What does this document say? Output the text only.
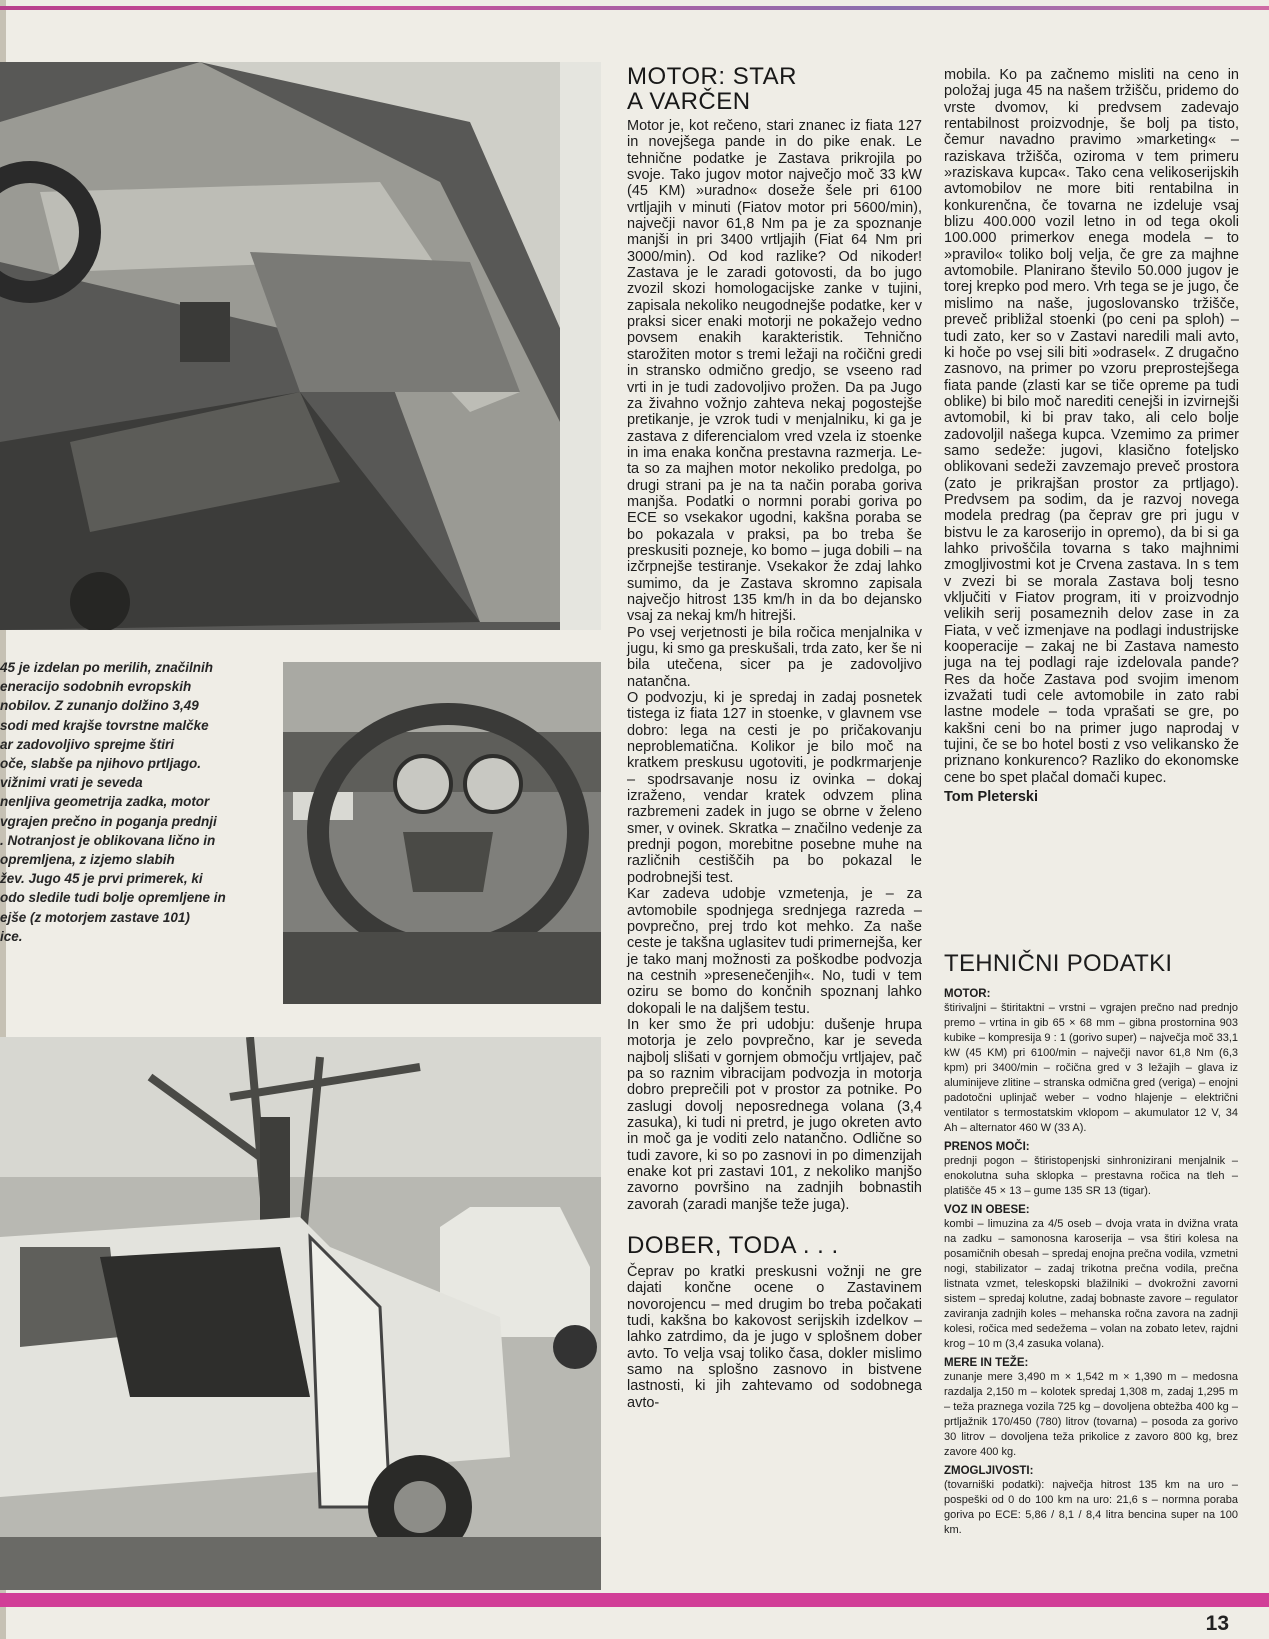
45 je izdelan po merilih, značilnih
eneracijo sodobnih evropskih
nobilov. Z zunanjo dolžino 3,49
sodi med krajše tovrstne malčke
ar zadovoljivo sprejme štiri
oče, slabše pa njihovo prtljago.
vižnimi vrati je seveda
nenljiva geometrija zadka, motor
vgrajen prečno in poganja prednji
. Notranjost je oblikovana lično in
opremljena, z izjemo slabih
žev. Jugo 45 je prvi primerek, ki
odo sledile tudi bolje opremljene in
ejše (z motorjem zastave 101)
ice.
MOTOR: STAR
A VARČEN

Motor je, kot rečeno, stari znanec iz fiata 127 in novejšega pande in do pike enak. Le tehnične podatke je Zastava prikrojila po svoje. Tako jugov motor največjo moč 33 kW (45 KM) »uradno« doseže šele pri 6100 vrtljajih v minuti (Fiatov motor pri 5600/min), največji navor 61,8 Nm pa je za spoznanje manjši in pri 3400 vrtljajih (Fiat 64 Nm pri 3000/min). Od kod razlike? Od nikoder! Zastava je le zaradi gotovosti, da bo jugo zvozil skozi homologacijske zanke v tujini, zapisala nekoliko neugodnejše podatke, ker v praksi sicer enaki motorji ne pokažejo vedno povsem enakih karakteristik. Tehnično starožiten motor s tremi ležaji na ročični gredi in stransko odmično gredjo, se vseeno rad vrti in je tudi zadovoljivo prožen. Da pa Jugo za živahno vožnjo zahteva nekaj pogostejše pretikanje, je vzrok tudi v menjalniku, ki ga je zastava z diferencialom vred vzela iz stoenke in ima enaka končna prestavna razmerja. Le-ta so za majhen motor nekoliko predolga, po drugi strani pa je na ta način poraba goriva manjša. Podatki o normni porabi goriva po ECE so vsekakor ugodni, kakšna poraba se bo pokazala v praksi, pa bo treba še preskusiti pozneje, ko bomo – juga dobili – na izčrpnejše testiranje. Vsekakor že zdaj lahko sumimo, da je Zastava skromno zapisala največjo hitrost 135 km/h in da bo dejansko vsaj za nekaj km/h hitrejši.

Po vsej verjetnosti je bila ročica menjalnika v jugu, ki smo ga preskušali, trda zato, ker še ni bila utečena, sicer pa je zadovoljivo natančna.

O podvozju, ki je spredaj in zadaj posnetek tistega iz fiata 127 in stoenke, v glavnem vse dobro: lega na cesti je po pričakovanju neproblematična. Kolikor je bilo moč na kratkem preskusu ugotoviti, je podkrmarjenje – spodrsavanje nosu iz ovinka – dokaj izraženo, vendar kratek odvzem plina razbremeni zadek in jugo se obrne v želeno smer, v ovinek. Skratka – značilno vedenje za prednji pogon, morebitne posebne muhe na različnih cestiščih pa bo pokazal le podrobnejši test.

Kar zadeva udobje vzmetenja, je – za avtomobile spodnjega srednjega razreda – povprečno, prej trdo kot mehko. Za naše ceste je takšna uglasitev tudi primernejša, ker je tako manj možnosti za poškodbe podvozja na cestnih »presenečenjih«. No, tudi v tem oziru se bomo do končnih spoznanj lahko dokopali le na daljšem testu.

In ker smo že pri udobju: dušenje hrupa motorja je zelo povprečno, kar je seveda najbolj slišati v gornjem območju vrtljajev, pač pa so raznim vibracijam podvozja in motorja dobro preprečili pot v prostor za potnike. Po zaslugi dovolj neposrednega volana (3,4 zasuka), ki tudi ni pretrd, je jugo okreten avto in moč ga je voditi zelo natančno. Odlične so tudi zavore, ki so po zasnovi in po dimenzijah enake kot pri zastavi 101, z nekoliko manjšo zavorno površino na zadnjih bobnastih zavorah (zaradi manjše teže juga).

DOBER, TODA . . .

Čeprav po kratki preskusni vožnji ne gre dajati končne ocene o Zastavinem novorojencu – med drugim bo treba počakati tudi, kakšna bo kakovost serijskih izdelkov – lahko zatrdimo, da je jugo v splošnem dober avto. To velja vsaj toliko časa, dokler mislimo samo na splošno zasnovo in bistvene lastnosti, ki jih zahtevamo od sodobnega avto-

mobila. Ko pa začnemo misliti na ceno in položaj juga 45 na našem tržišču, pridemo do vrste dvomov, ki predvsem zadevajo rentabilnost proizvodnje, še bolj pa tisto, čemur navadno pravimo »marketing« – raziskava tržišča, oziroma v tem primeru »raziskava kupca«. Tako cena velikoserijskih avtomobilov ne more biti rentabilna in konkurenčna, če tovarna ne izdeluje vsaj blizu 400.000 vozil letno in od tega okoli 100.000 primerkov enega modela – to »pravilo« toliko bolj velja, če gre za majhne avtomobile. Planirano število 50.000 jugov je torej krepko pod mero. Vrh tega se je jugo, če mislimo na naše, jugoslovansko tržišče, preveč približal stoenki (po ceni pa sploh) – tudi zato, ker so v Zastavi naredili mali avto, ki hoče po vsej sili biti »odrasel«. Z drugačno zasnovo, na primer po vzoru preprostejšega fiata pande (zlasti kar se tiče opreme pa tudi oblike) bi bilo moč narediti cenejši in izvirnejši avtomobil, ki bi prav tako, ali celo bolje zadovoljil našega kupca. Vzemimo za primer samo sedeže: jugovi, klasično foteljsko oblikovani sedeži zavzemajo preveč prostora (zato je prikrajšan prostor za prtljago). Predvsem pa sodim, da je razvoj novega modela predrag (pa čeprav gre pri jugu v bistvu le za karoserijo in opremo), da bi si ga lahko privoščila tovarna s tako majhnimi zmogljivostmi kot je Crvena zastava. In s tem v zvezi bi se morala Zastava bolj tesno vključiti v Fiatov program, iti v proizvodnjo velikih serij posameznih delov zase in za Fiata, v več izmenjave na podlagi industrijske kooperacije – zakaj ne bi Zastava namesto juga na tej podlagi raje izdelovala pande? Res da hoče Zastava pod svojim imenom izvažati tudi cele avtomobile in zato rabi lastne modele – toda vprašati se gre, po kakšni ceni bo na primer jugo naprodaj v tujini, če se bo hotel bosti z vso velikansko že priznano konkurenco? Razliko do ekonomske cene bo spet plačal domači kupec.

Tom Pleterski

TEHNIČNI PODATKI
MOTOR:

štirivaljni – štiritaktni – vrstni – vgrajen prečno nad prednjo premo – vrtina in gib 65 × 68 mm – gibna prostornina 903 kubike – kompresija 9 : 1 (gorivo super) – največja moč 33,1 kW (45 KM) pri 6100/min – največji navor 61,8 Nm (6,3 kpm) pri 3400/min – ročična gred v 3 ležajih – glava iz aluminijeve zlitine – stranska odmična gred (veriga) – enojni padotočni uplinjač weber – vodno hlajenje – električni ventilator s termostatskim vklopom – akumulator 12 V, 34 Ah – alternator 460 W (33 A).

PRENOS MOČI:

prednji pogon – štiristopenjski sinhronizirani menjalnik – enokolutna suha sklopka – prestavna ročica na tleh – platišče 45 × 13 – gume 135 SR 13 (tigar).

VOZ IN OBESE:

kombi – limuzina za 4/5 oseb – dvoja vrata in dvižna vrata na zadku – samonosna karoserija – vsa štiri kolesa na posamičnih obesah – spredaj enojna prečna vodila, vzmetni nogi, stabilizator – zadaj trikotna prečna vodila, prečna listnata vzmet, teleskopski blažilniki – dvokrožni zavorni sistem – spredaj kolutne, zadaj bobnaste zavore – regulator zaviranja zadnjih koles – mehanska ročna zavora na zadnji kolesi, ročica med sedežema – volan na zobato letev, rajdni krog – 10 m (3,4 zasuka volana).

MERE IN TEŽE:

zunanje mere 3,490 m × 1,542 m × 1,390 m – medosna razdalja 2,150 m – kolotek spredaj 1,308 m, zadaj 1,295 m – teža praznega vozila 725 kg – dovoljena obtežba 400 kg – prtljažnik 170/450 (780) litrov (tovarna) – posoda za gorivo 30 litrov – dovoljena teža prikolice z zavoro 800 kg, brez zavore 400 kg.

ZMOGLJIVOSTI:

(tovarniški podatki): največja hitrost 135 km na uro – pospeški od 0 do 100 km na uro: 21,6 s – normna poraba goriva po ECE: 5,86 / 8,1 / 8,4 litra bencina super na 100 km.

13
